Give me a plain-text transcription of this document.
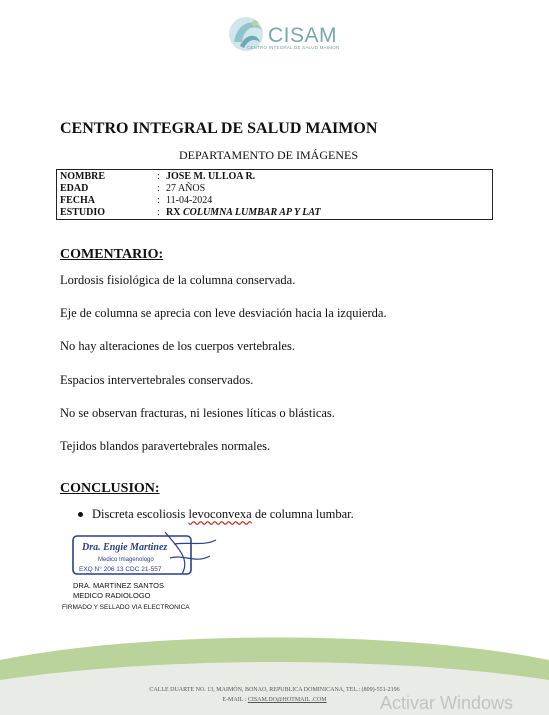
CISAM
CENTRO INTEGRAL DE SALUD MAIMON
CENTRO INTEGRAL DE SALUD MAIMON
DEPARTAMENTO DE IMÁGENES
NOMBRE	: JOSE M. ULLOA R.
EDAD	: 27 AÑOS
FECHA	: 11-04-2024
ESTUDIO	: RX COLUMNA LUMBAR AP Y LAT
COMENTARIO:
Lordosis fisiológica de la columna conservada.
Eje de columna se aprecia con leve desviación hacia la izquierda.
No hay alteraciones de los cuerpos vertebrales.
Espacios intervertebrales conservados.
No se observan fracturas, ni lesiones líticas o blásticas.
Tejidos blandos paravertebrales normales.
CONCLUSION:
Discreta escoliosis levoconvexa de columna lumbar.
Dra. Engie Martinez
Medico Imagenologo
EXQ N° 206 13 CDC 21-557
DRA. MARTINEZ SANTOS
MEDICO RADIOLOGO
FIRMADO Y SELLADO VIA ELECTRONICA
CALLE DUARTE NO. 13, MAIMÓN, BONAO, REPUBLICA DOMINICANA, TEL.: (809)-551-2196
E-MAIL : CISAM.DO@HOTMAIL .COM	Activar Windows
